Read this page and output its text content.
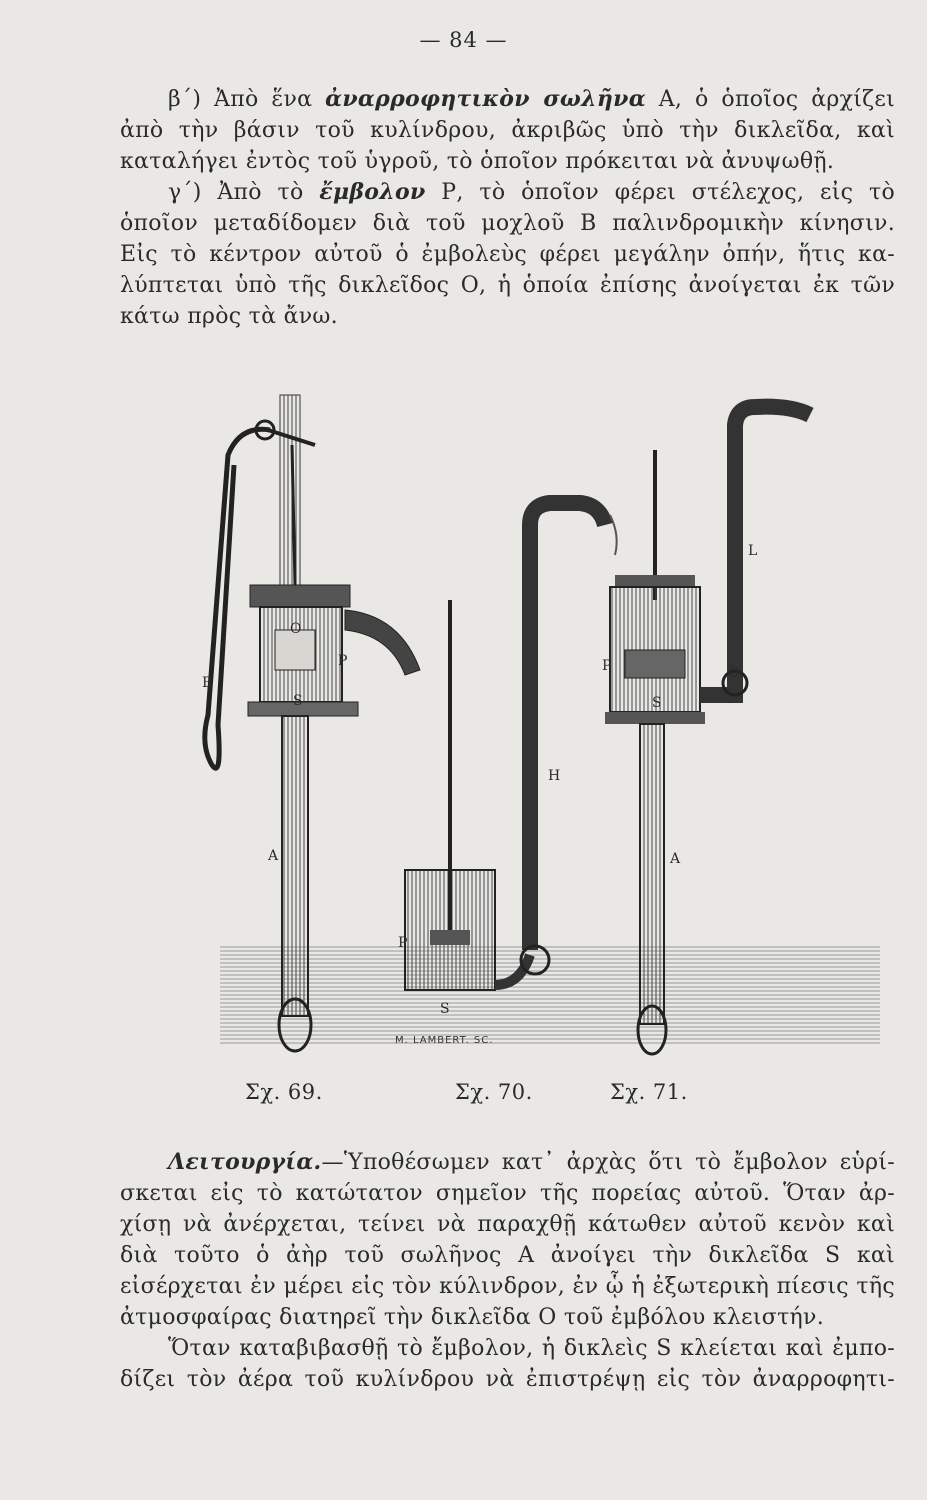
— 84 —
β΄) Ἀπὸ ἕνα ἀναρροφητικὸν σωλῆνα Α, ὁ ὁποῖος ἀρχίζει
ἀπὸ τὴν βάσιν τοῦ κυλίνδρου, ἀκριβῶς ὑπὸ τὴν δικλεῖδα, καὶ
καταλήγει ἐντὸς τοῦ ὑγροῦ, τὸ ὁποῖον πρόκειται νὰ ἀνυψωθῇ.
γ΄) Ἀπὸ τὸ ἔμβολον Ρ, τὸ ὁποῖον φέρει στέλεχος, εἰς τὸ
ὁποῖον μεταδίδομεν διὰ τοῦ μοχλοῦ Β παλινδρομικὴν κίνησιν.
Εἰς τὸ κέντρον αὐτοῦ ὁ ἐμβολεὺς φέρει μεγάλην ὀπήν, ἥτις κα-
λύπτεται ὑπὸ τῆς δικλεῖδος Ο, ἡ ὁποία ἐπίσης ἀνοίγεται ἐκ τῶν
κάτω πρὸς τὰ ἄνω.
B
O
P
S
A
P
S
H
M. LAMBERT. SC.
P	O
S
L
A
Σχ. 69.	Σχ. 70.	Σχ. 71.
Λειτουργία.—Ὑποθέσωμεν κατ᾽ ἀρχὰς ὅτι τὸ ἔμβολον εὑρί-
σκεται εἰς τὸ κατώτατον σημεῖον τῆς πορείας αὐτοῦ. Ὅταν ἀρ-
χίσῃ νὰ ἀνέρχεται, τείνει νὰ παραχθῇ κάτωθεν αὐτοῦ κενὸν καὶ
διὰ τοῦτο ὁ ἀὴρ τοῦ σωλῆνος Α ἀνοίγει τὴν δικλεῖδα S καὶ
εἰσέρχεται ἐν μέρει εἰς τὸν κύλινδρον, ἐν ᾧ ἡ ἐξωτερικὴ πίεσις τῆς
ἀτμοσφαίρας διατηρεῖ τὴν δικλεῖδα Ο τοῦ ἐμβόλου κλειστήν.
Ὅταν καταβιβασθῇ τὸ ἔμβολον, ἡ δικλεὶς S κλείεται καὶ ἐμπο-
δίζει τὸν ἀέρα τοῦ κυλίνδρου νὰ ἐπιστρέψῃ εἰς τὸν ἀναρροφητι-
